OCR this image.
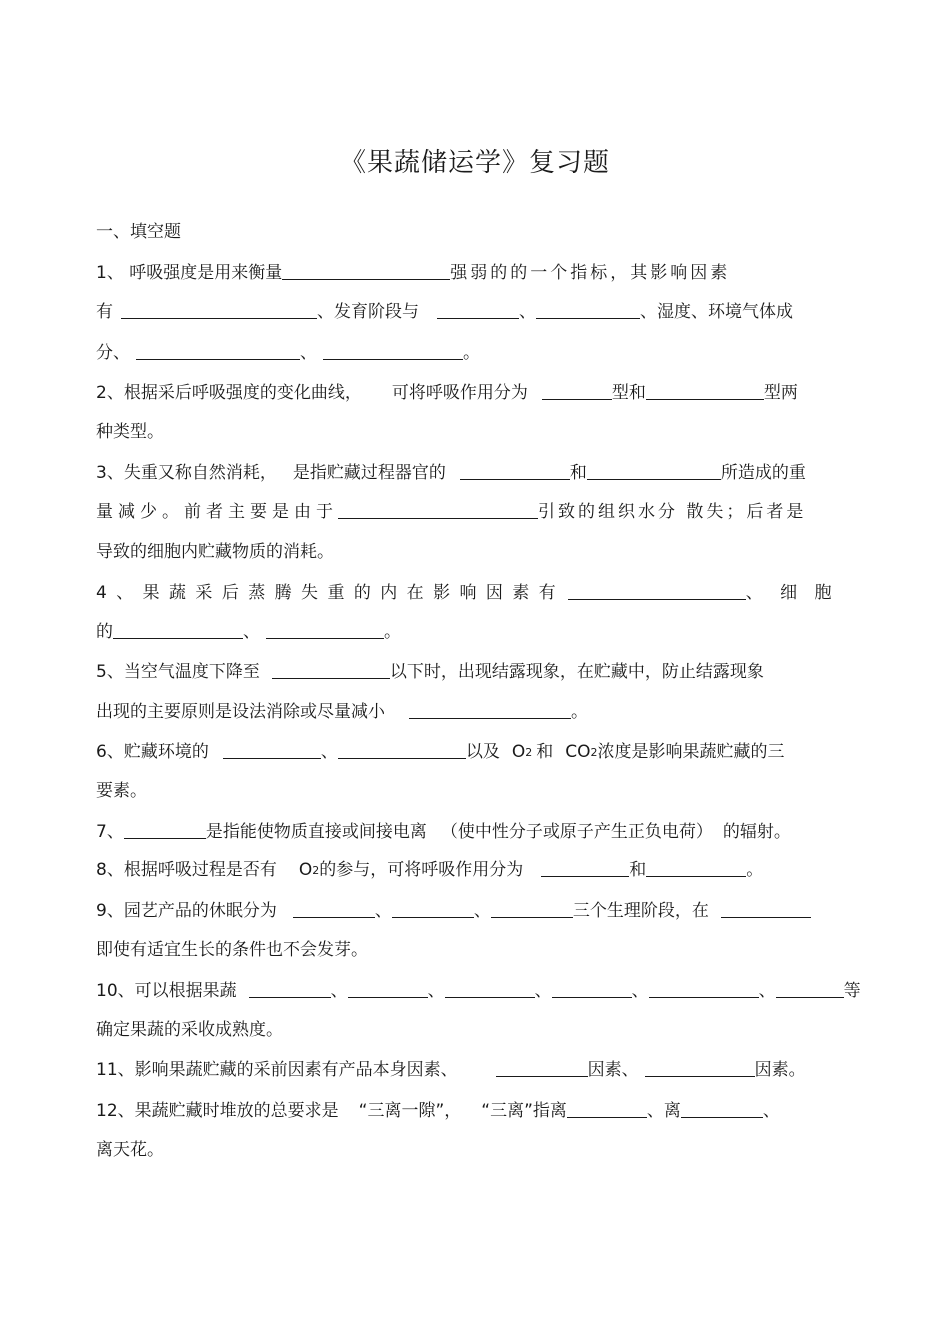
《果蔬储运学》复习题
一、填空题
1、 呼吸强度是用来衡量	强弱的的一个指标，其影响因素
有	、发育阶段与	、	、湿度、环境气体成
分、	、	。
2、根据采后呼吸强度的变化曲线， 可将呼吸作用分为	型和	型两
种类型。
3、失重又称自然消耗， 是指贮藏过程器官的	和	所造成的重
量减少。前者主要是由于	引致的组织水分 散失；后者是
导致的细胞内贮藏物质的消耗。
4 、 果 蔬 采 后 蒸 腾 失 重 的 内 在 影 响 因 素 有	、 细 胞
的	、	。
5、当空气温度下降至	以下时，出现结露现象，在贮藏中，防止结露现象
出现的主要原则是设法消除或尽量减小	。
6、贮藏环境的	、	以及 $O_2$ 和 $CO_2$浓度是影响果蔬贮藏的三
要素。
7、	是指能使物质直接或间接电离 （使中性分子或原子产生正负电荷） 的辐射。
8、根据呼吸过程是否有 $O_2$的参与，可将呼吸作用分为	和	。
9、园艺产品的休眠分为	、	、	三个生理阶段，在
即使有适宜生长的条件也不会发芽。
10、可以根据果蔬	、	、	、	、	、	等
确定果蔬的采收成熟度。
11、影响果蔬贮藏的采前因素有产品本身因素、	因素、	因素。
12、果蔬贮藏时堆放的总要求是 “三离一隙”， “三离”指离	、离	、
离天花。
